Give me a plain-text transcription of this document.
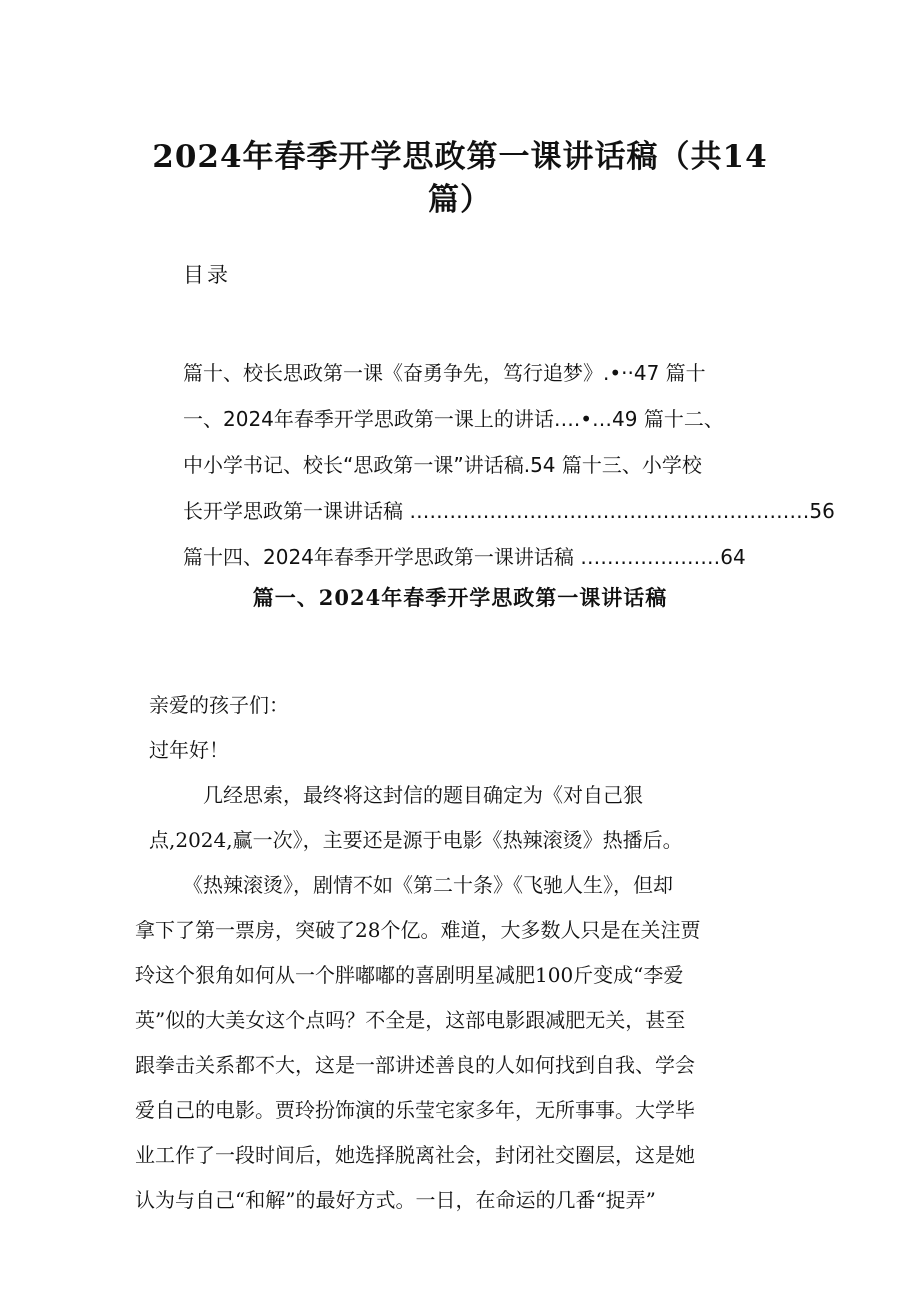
2024年春季开学思政第一课讲话稿（共14
篇）
目录
篇十、校长思政第一课《奋勇争先，笃行追梦》.•··47 篇十
一、2024年春季开学思政第一课上的讲话….•…49 篇十二、
中小学书记、校长“思政第一课”讲话稿.54 篇十三、小学校
长开学思政第一课讲话稿 ……………………………………………………56
篇十四、2024年春季开学思政第一课讲话稿 …………………64
篇一、2024年春季开学思政第一课讲话稿

亲爱的孩子们：

过年好！

几经思索，最终将这封信的题目确定为《对自己狠

点,2024,赢一次》，主要还是源于电影《热辣滚烫》热播后。

《热辣滚烫》，剧情不如《第二十条》《飞驰人生》，但却

拿下了第一票房，突破了28个亿。难道，大多数人只是在关注贾

玲这个狠角如何从一个胖嘟嘟的喜剧明星减肥100斤变成“李爱

英”似的大美女这个点吗？不全是，这部电影跟减肥无关，甚至

跟拳击关系都不大，这是一部讲述善良的人如何找到自我、学会

爱自己的电影。贾玲扮饰演的乐莹宅家多年，无所事事。大学毕

业工作了一段时间后，她选择脱离社会，封闭社交圈层，这是她

认为与自己“和解”的最好方式。一日，在命运的几番“捉弄”
